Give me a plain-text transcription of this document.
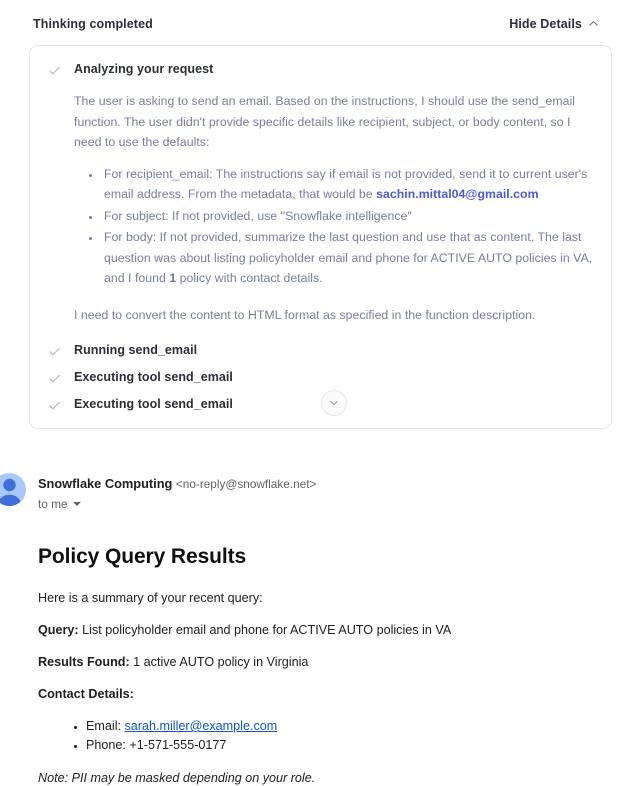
Thinking completed	Hide Details
Analyzing your request

The user is asking to send an email. Based on the instructions, I should use the send_email function. The user didn't provide specific details like recipient, subject, or body content, so I need to use the defaults:

• For recipient_email: The instructions say if email is not provided, send it to current user's email address. From the metadata, that would be sachin.mittal04@gmail.com
• For subject: If not provided, use "Snowflake intelligence"
• For body: If not provided, summarize the last question and use that as content. The last question was about listing policyholder email and phone for ACTIVE AUTO policies in VA, and I found 1 policy with contact details.

I need to convert the content to HTML format as specified in the function description.

Running send_email
Executing tool send_email
Executing tool send_email
Snowflake Computing <no-reply@snowflake.net>
to me
Policy Query Results

Here is a summary of your recent query:

Query: List policyholder email and phone for ACTIVE AUTO policies in VA

Results Found: 1 active AUTO policy in Virginia

Contact Details:

• Email: sarah.miller@example.com
• Phone: +1-571-555-0177

Note: PII may be masked depending on your role.
